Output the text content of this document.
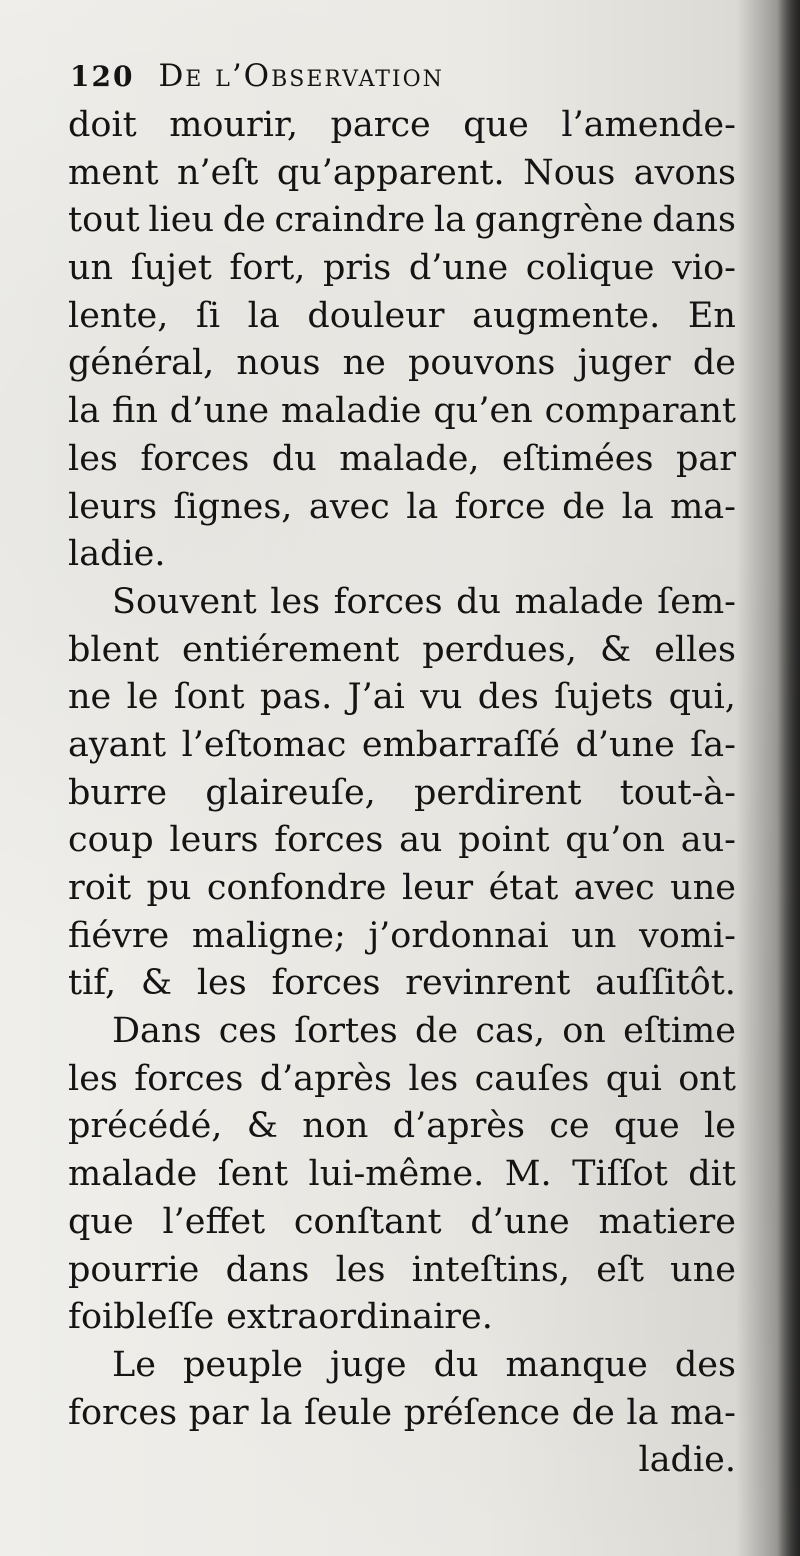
120 De l’Observation
doit mourir, parce que l’amende-
ment n’eſt qu’apparent. Nous avons
tout lieu de craindre la gangrène dans
un ſujet fort, pris d’une colique vio-
lente, ſi la douleur augmente. En
général, nous ne pouvons juger de
la fin d’une maladie qu’en comparant
les forces du malade, eſtimées par
leurs ſignes, avec la force de la ma-
ladie.
Souvent les forces du malade ſem-
blent entiérement perdues, & elles
ne le ſont pas. J’ai vu des ſujets qui,
ayant l’eſtomac embarraſſé d’une ſa-
burre glaireuſe, perdirent tout-à-
coup leurs forces au point qu’on au-
roit pu confondre leur état avec une
fiévre maligne; j’ordonnai un vomi-
tif, & les forces revinrent auſſitôt.
Dans ces ſortes de cas, on eſtime
les forces d’après les cauſes qui ont
précédé, & non d’après ce que le
malade ſent lui-même. M. Tiſſot dit
que l’effet conſtant d’une matiere
pourrie dans les inteſtins, eſt une
foibleſſe extraordinaire.
Le peuple juge du manque des
forces par la ſeule préſence de la ma-
ladie.
